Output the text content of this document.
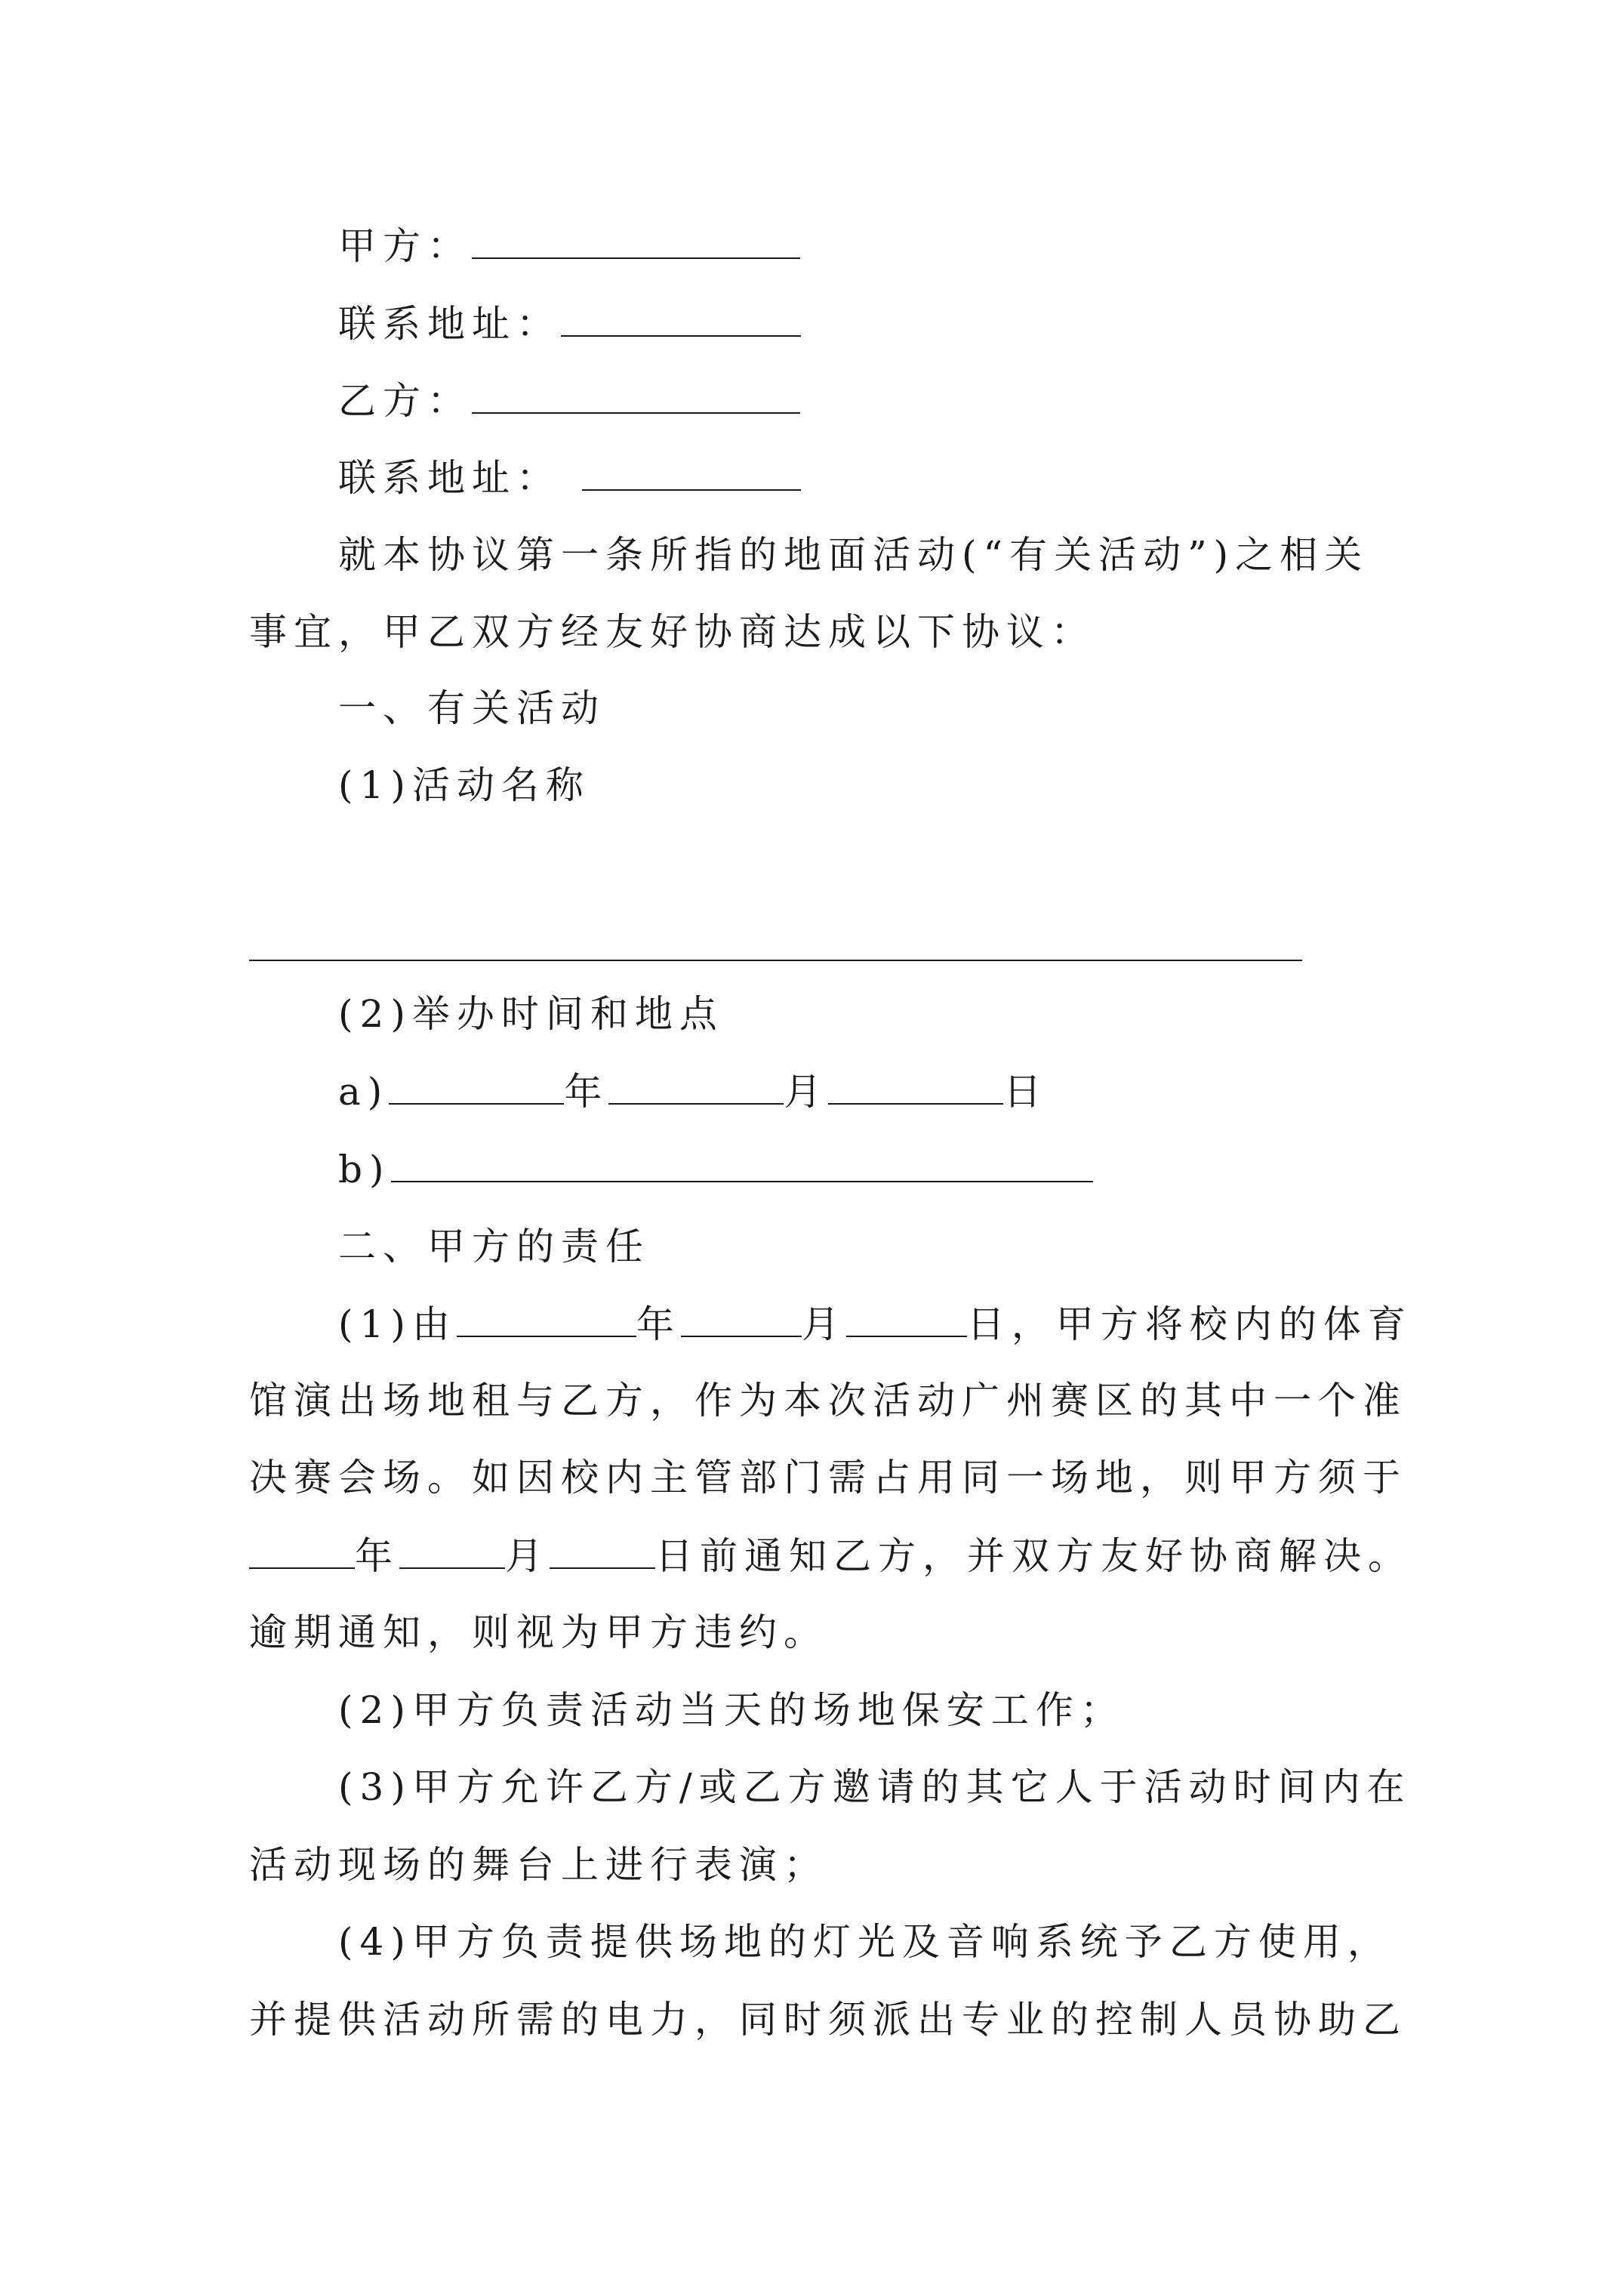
甲方：
联系地址：
乙方：
联系地址：
就本协议第一条所指的地面活动(“有关活动”)之相关
事宜，甲乙双方经友好协商达成以下协议：
一、有关活动
(1)活动名称
(2)举办时间和地点
a)	年	月	日
b)
二、甲方的责任
(1)由	年	月	日，甲方将校内的体育
馆演出场地租与乙方，作为本次活动广州赛区的其中一个准
决赛会场。如因校内主管部门需占用同一场地，则甲方须于
年	月	日前通知乙方，并双方友好协商解决。
逾期通知，则视为甲方违约。
(2)甲方负责活动当天的场地保安工作；
(3)甲方允许乙方/或乙方邀请的其它人于活动时间内在
活动现场的舞台上进行表演；
(4)甲方负责提供场地的灯光及音响系统予乙方使用，
并提供活动所需的电力，同时须派出专业的控制人员协助乙
